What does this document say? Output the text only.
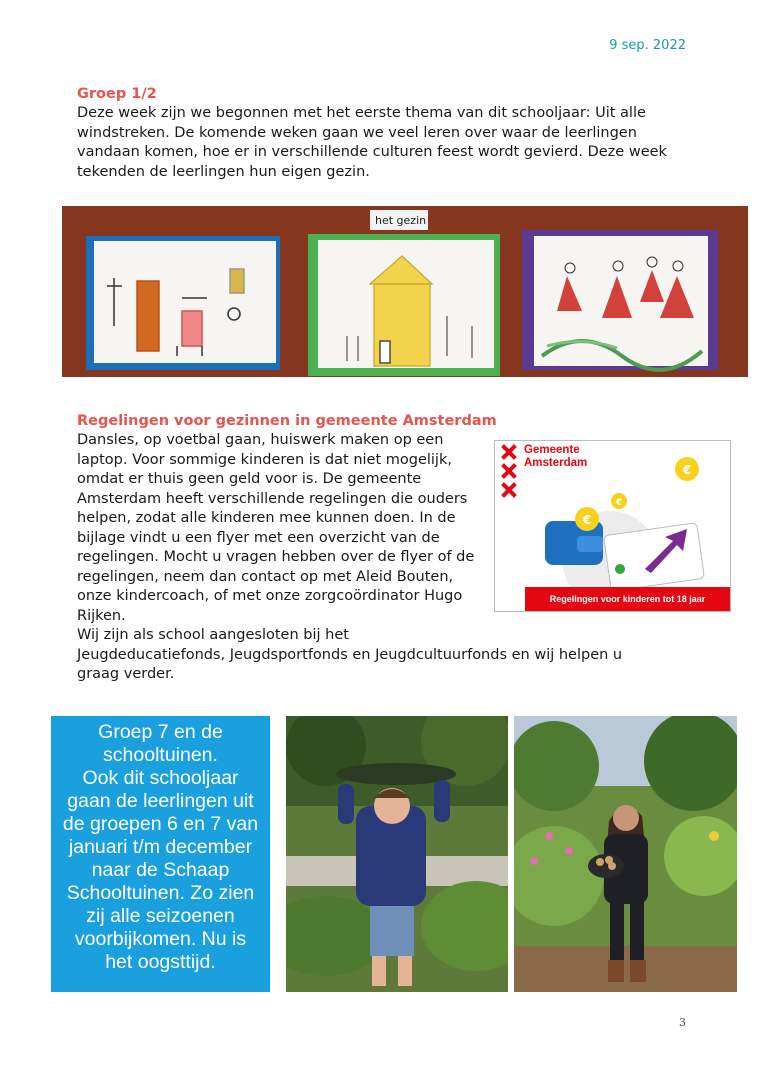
9 sep. 2022
Groep 1/2
Deze week zijn we begonnen met het eerste thema van dit schooljaar: Uit alle
windstreken. De komende weken gaan we veel leren over waar de leerlingen
vandaan komen, hoe er in verschillende culturen feest wordt gevierd. Deze week
tekenden de leerlingen hun eigen gezin.
het gezin
Regelingen voor gezinnen in gemeente Amsterdam
Dansles, op voetbal gaan, huiswerk maken op een
laptop. Voor sommige kinderen is dat niet mogelijk,
omdat er thuis geen geld voor is. De gemeente
Amsterdam heeft verschillende regelingen die ouders
helpen, zodat alle kinderen mee kunnen doen. In de
bijlage vindt u een flyer met een overzicht van de
regelingen. Mocht u vragen hebben over de flyer of de
regelingen, neem dan contact op met Aleid Bouten,
onze kindercoach, of met onze zorgcoördinator Hugo
Rijken.
Wij zijn als school aangesloten bij het
Jeugdeducatiefonds, Jeugdsportfonds en Jeugdcultuurfonds en wij helpen u
graag verder.
€
€
€
Gemeente
Amsterdam
Regelingen voor kinderen tot 18 jaar
Groep 7 en de
schooltuinen.
Ook dit schooljaar
gaan de leerlingen uit
de groepen 6 en 7 van
januari t/m december
naar de Schaap
Schooltuinen. Zo zien
zij alle seizoenen
voorbijkomen. Nu is
het oogsttijd.
3
